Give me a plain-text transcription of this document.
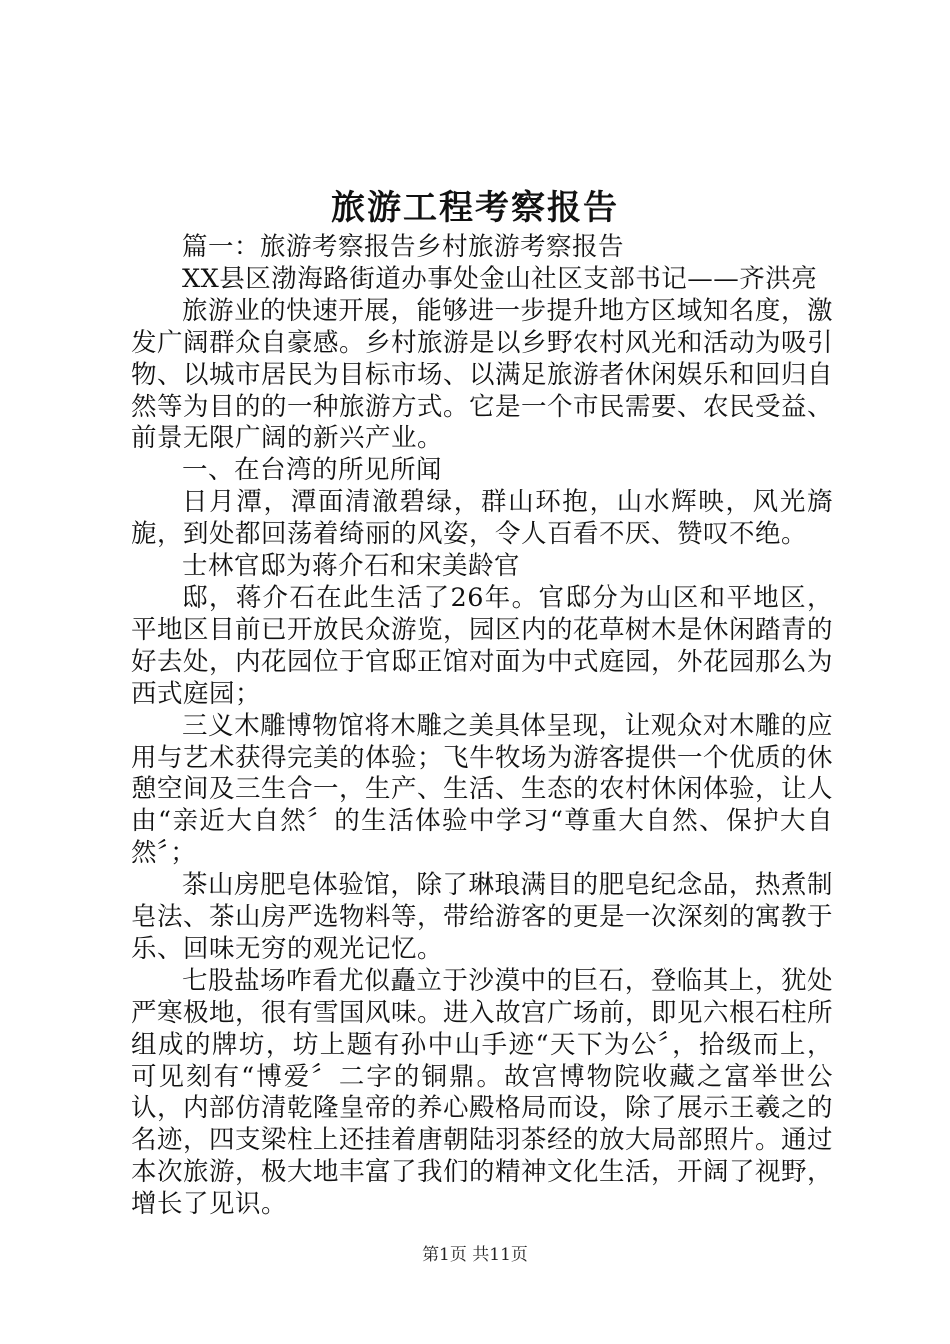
旅游工程考察报告

篇一：旅游考察报告乡村旅游考察报告

XX县区渤海路街道办事处金山社区支部书记——齐洪亮

旅游业的快速开展，能够进一步提升地方区域知名度，激发广阔群众自豪感。乡村旅游是以乡野农村风光和活动为吸引物、以城市居民为目标市场、以满足旅游者休闲娱乐和回归自然等为目的的一种旅游方式。它是一个市民需要、农民受益、前景无限广阔的新兴产业。

一、在台湾的所见所闻

日月潭，潭面清澈碧绿，群山环抱，山水辉映，风光旖旎，到处都回荡着绮丽的风姿，令人百看不厌、赞叹不绝。

士林官邸为蒋介石和宋美龄官

邸，蒋介石在此生活了26年。官邸分为山区和平地区，平地区目前已开放民众游览，园区内的花草树木是休闲踏青的好去处，内花园位于官邸正馆对面为中式庭园，外花园那么为西式庭园；

三义木雕博物馆将木雕之美具体呈现，让观众对木雕的应用与艺术获得完美的体验；飞牛牧场为游客提供一个优质的休憩空间及三生合一，生产、生活、生态的农村休闲体验，让人由“亲近大自然〞的生活体验中学习“尊重大自然、保护大自然〞；

茶山房肥皂体验馆，除了琳琅满目的肥皂纪念品，热煮制皂法、茶山房严选物料等，带给游客的更是一次深刻的寓教于乐、回味无穷的观光记忆。

七股盐场咋看尤似矗立于沙漠中的巨石，登临其上，犹处严寒极地，很有雪国风味。进入故宫广场前，即见六根石柱所组成的牌坊，坊上题有孙中山手迹“天下为公〞，拾级而上，可见刻有“博爱〞二字的铜鼎。故宫博物院收藏之富举世公认，内部仿清乾隆皇帝的养心殿格局而设，除了展示王羲之的名迹，四支梁柱上还挂着唐朝陆羽茶经的放大局部照片。通过本次旅游，极大地丰富了我们的精神文化生活，开阔了视野，增长了见识。

第1页 共11页
